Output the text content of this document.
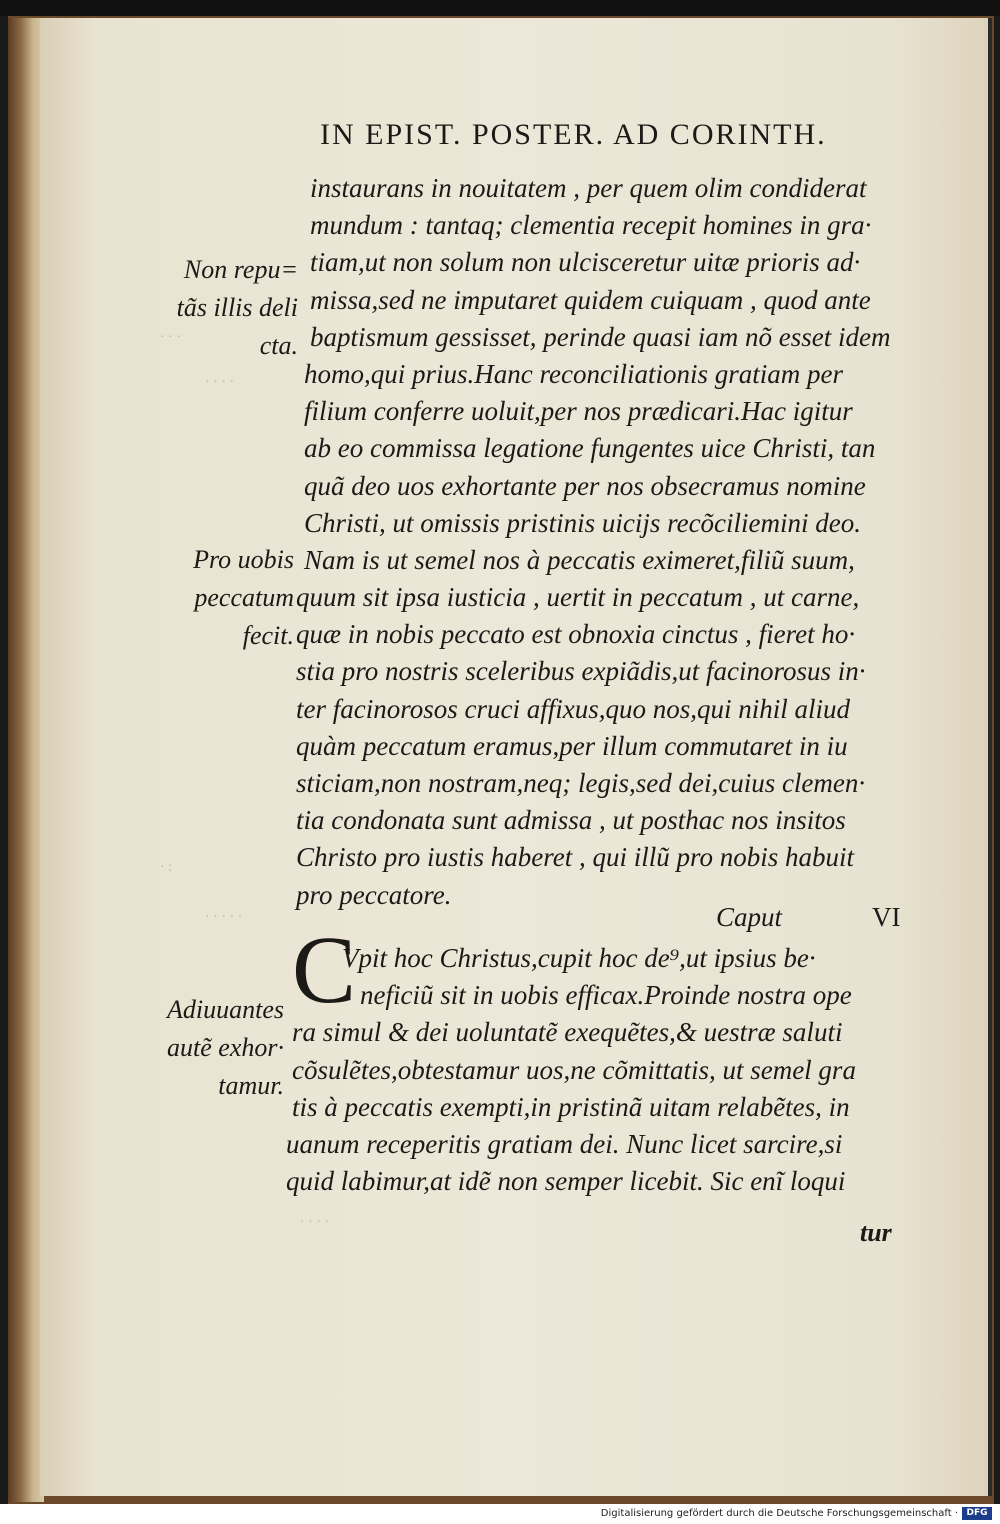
IN EPIST. POSTER. AD CORINTH.
instaurans in nouitatem , per quem olim condiderat
mundum : tantaq; clementia recepit homines in gra·
tiam,ut non solum non ulcisceretur uitæ prioris ad·
missa,sed ne imputaret quidem cuiquam , quod ante
baptismum gessisset, perinde quasi iam nõ esset idem
homo,qui prius.Hanc reconciliationis gratiam per
filium conferre uoluit,per nos prædicari.Hac igitur
ab eo commissa legatione fungentes uice Christi, tan
quã deo uos exhortante per nos obsecramus nomine
Christi, ut omissis pristinis uicijs recõciliemini deo.
Nam is ut semel nos à peccatis eximeret,filiũ suum,
quum sit ipsa iusticia , uertit in peccatum , ut carne,
quæ in nobis peccato est obnoxia cinctus , fieret ho·
stia pro nostris sceleribus expiãdis,ut facinorosus in·
ter facinorosos cruci affixus,quo nos,qui nihil aliud
quàm peccatum eramus,per illum commutaret in iu
sticiam,non nostram,neq; legis,sed dei,cuius clemen·
tia condonata sunt admissa , ut posthac nos insitos
Christo pro iustis haberet , qui illũ pro nobis habuit
pro peccatore.
Caput	VI
C
Vpit hoc Christus,cupit hoc de⁹,ut ipsius be·
neficiũ sit in uobis efficax.Proinde nostra ope
ra simul & dei uoluntatẽ exequẽtes,& uestræ saluti
cõsulẽtes,obtestamur uos,ne cõmittatis, ut semel gra
tis à peccatis exempti,in pristinã uitam relabẽtes, in
uanum receperitis gratiam dei. Nunc licet sarcire,si
quid labimur,at idẽ non semper licebit. Sic enĩ loqui
tur
Non repu=
tãs illis deli
cta.
Pro uobis
peccatum
fecit.
Adiuuantes
autẽ exhor·
tamur.
· · ·
· · · ·
· :
· · · · ·
· · · ·
Digitalisierung gefördert durch die Deutsche Forschungsgemeinschaft · DFG
